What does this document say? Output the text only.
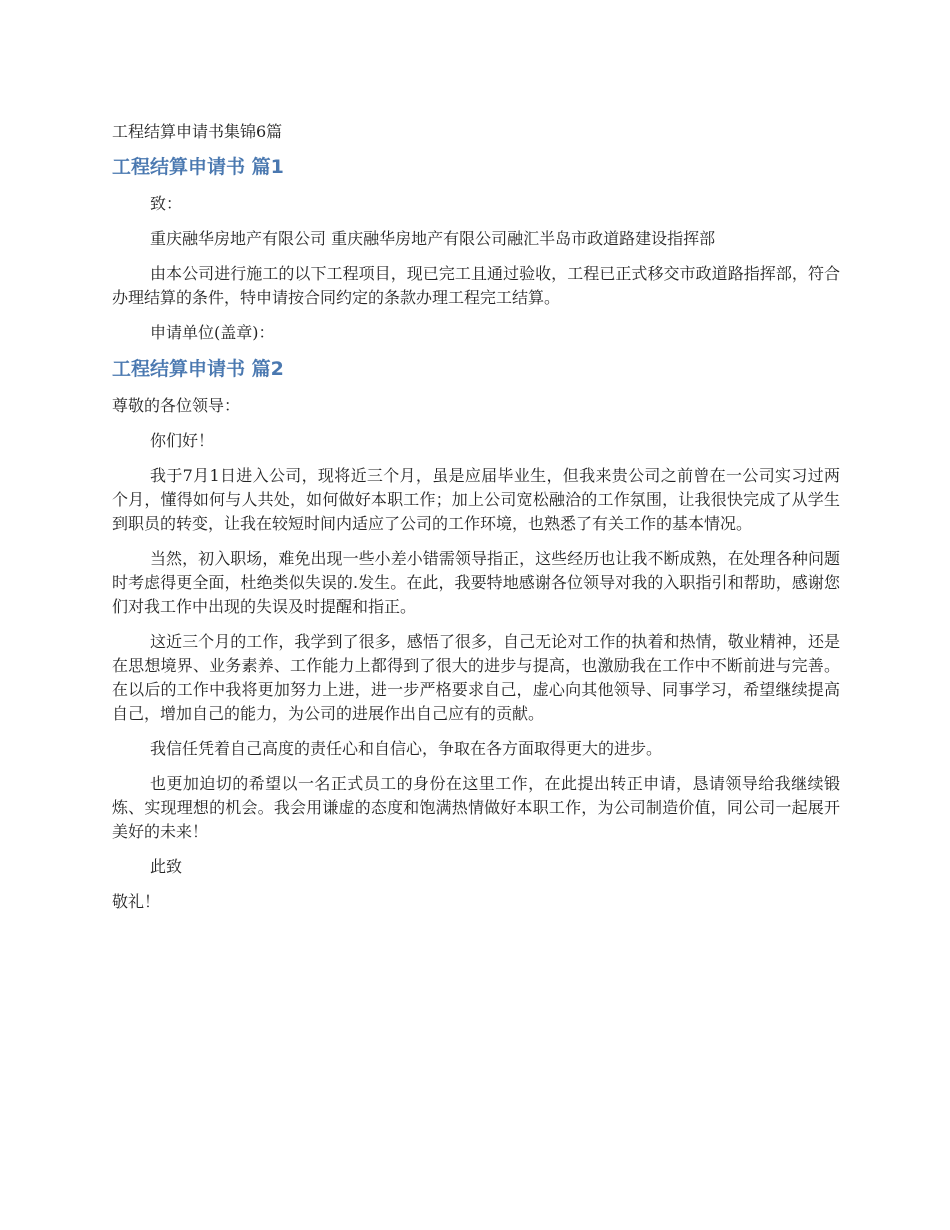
工程结算申请书集锦6篇

工程结算申请书 篇1

致：

重庆融华房地产有限公司 重庆融华房地产有限公司融汇半岛市政道路建设指挥部

由本公司进行施工的以下工程项目，现已完工且通过验收，工程已正式移交市政道路指挥部，符合办理结算的条件，特申请按合同约定的条款办理工程完工结算。

申请单位(盖章)：

工程结算申请书 篇2

尊敬的各位领导：

你们好！

我于7月1日进入公司，现将近三个月，虽是应届毕业生，但我来贵公司之前曾在一公司实习过两个月，懂得如何与人共处，如何做好本职工作；加上公司宽松融洽的工作氛围，让我很快完成了从学生到职员的转变，让我在较短时间内适应了公司的工作环境，也熟悉了有关工作的基本情况。

当然，初入职场，难免出现一些小差小错需领导指正，这些经历也让我不断成熟，在处理各种问题时考虑得更全面，杜绝类似失误的.发生。在此，我要特地感谢各位领导对我的入职指引和帮助，感谢您们对我工作中出现的失误及时提醒和指正。

这近三个月的工作，我学到了很多，感悟了很多，自己无论对工作的执着和热情，敬业精神，还是在思想境界、业务素养、工作能力上都得到了很大的进步与提高，也激励我在工作中不断前进与完善。在以后的工作中我将更加努力上进，进一步严格要求自己，虚心向其他领导、同事学习，希望继续提高自己，增加自己的能力，为公司的进展作出自己应有的贡献。

我信任凭着自己高度的责任心和自信心，争取在各方面取得更大的进步。

也更加迫切的希望以一名正式员工的身份在这里工作，在此提出转正申请，恳请领导给我继续锻炼、实现理想的机会。我会用谦虚的态度和饱满热情做好本职工作，为公司制造价值，同公司一起展开美好的未来！

此致

敬礼！
